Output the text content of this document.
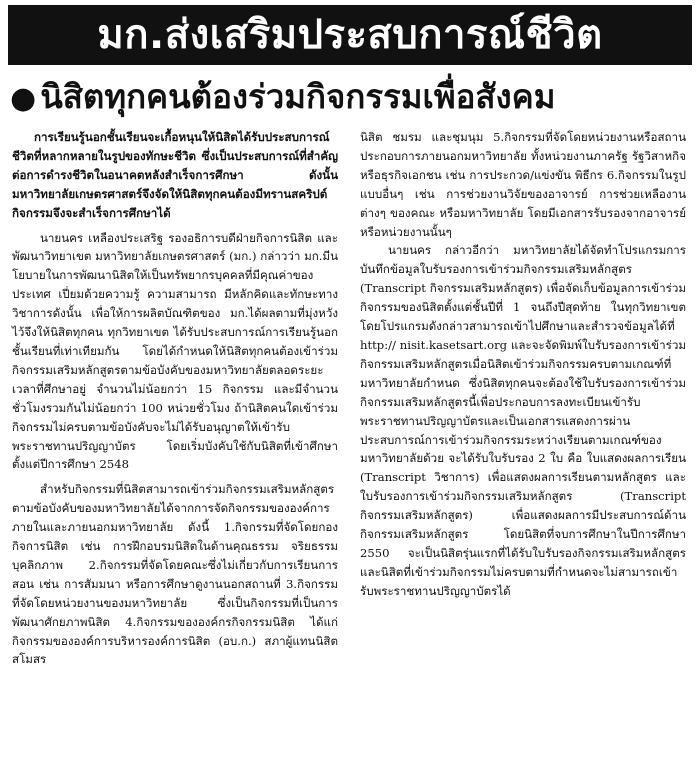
มก.ส่งเสริมประสบการณ์ชีวิต
● นิสิตทุกคนต้องร่วมกิจกรรมเพื่อสังคม

การเรียนรู้นอกชั้นเรียนจะเกื้อหนุนให้นิสิตได้รับประสบการณ์ชีวิตที่หลากหลายในรูปของทักษะชีวิต ซึ่งเป็นประสบการณ์ที่สำคัญต่อการดำรงชีวิตในอนาคตหลังสำเร็จการศึกษา ดังนั้นมหาวิทยาลัยเกษตรศาสตร์จึงจัดให้นิสิตทุกคนต้องมีทรานสคริปต์กิจกรรมจึงจะสำเร็จการศึกษาได้

นายนคร เหลืองประเสริฐ รองอธิการบดีฝ่ายกิจการนิสิต และพัฒนาวิทยาเขต มหาวิทยาลัยเกษตรศาสตร์ (มก.) กล่าวว่า มก.มีนโยบายในการพัฒนานิสิตให้เป็นทรัพยากรบุคคลที่มีคุณค่าของประเทศ เปี่ยมด้วยความรู้ ความสามารถ มีหลักคิดและทักษะทางวิชาการดังนั้น เพื่อให้การผลิตบัณฑิตของ มก.ได้ผลตามที่มุ่งหวังไว้จึงให้นิสิตทุกคน ทุกวิทยาเขต ได้รับประสบการณ์การเรียนรู้นอกชั้นเรียนที่เท่าเทียมกัน โดยได้กำหนดให้นิสิตทุกคนต้องเข้าร่วมกิจกรรมเสริมหลักสูตรตามข้อบังคับของมหาวิทยาลัยตลอดระยะเวลาที่ศึกษาอยู่ จำนวนไม่น้อยกว่า 15 กิจกรรม และมีจำนวนชั่วโมงรวมกันไม่น้อยกว่า 100 หน่วยชั่วโมง ถ้านิสิตคนใดเข้าร่วมกิจกรรมไม่ครบตามข้อบังคับจะไม่ได้รับอนุญาตให้เข้ารับพระราชทานปริญญาบัตร โดยเริ่มบังคับใช้กับนิสิตที่เข้าศึกษาตั้งแต่ปีการศึกษา 2548

สำหรับกิจกรรมที่นิสิตสามารถเข้าร่วมกิจกรรมเสริมหลักสูตรตามข้อบังคับของมหาวิทยาลัยได้จากการจัดกิจกรรมขององค์การภายในและภายนอกมหาวิทยาลัย ดังนี้ 1.กิจกรรมที่จัดโดยกองกิจการนิสิต เช่น การฝึกอบรมนิสิตในด้านคุณธรรม จริยธรรม บุคลิกภาพ 2.กิจกรรมที่จัดโดยคณะซึ่งไม่เกี่ยวกับการเรียนการสอน เช่น การสัมมนา หรือการศึกษาดูงานนอกสถานที่ 3.กิจกรรมที่จัดโดยหน่วยงานของมหาวิทยาลัย ซึ่งเป็นกิจกรรมที่เป็นการพัฒนาศักยภาพนิสิต 4.กิจกรรมขององค์กรกิจกรรมนิสิต ได้แก่ กิจกรรมขององค์การบริหารองค์การนิสิต (อบ.ก.) สภาผู้แทนนิสิต สโมสร

นิสิต ชมรม และชุมนุม 5.กิจกรรมที่จัดโดยหน่วยงานหรือสถานประกอบการภายนอกมหาวิทยาลัย ทั้งหน่วยงานภาครัฐ รัฐวิสาหกิจ หรือธุรกิจเอกชน เช่น การประกวด/แข่งขัน พิธีกร 6.กิจกรรมในรูปแบบอื่นๆ เช่น การช่วยงานวิจัยของอาจารย์ การช่วยเหลืองานต่างๆ ของคณะ หรือมหาวิทยาลัย โดยมีเอกสารรับรองจากอาจารย์หรือหน่วยงานนั้นๆ

นายนคร กล่าวอีกว่า มหาวิทยาลัยได้จัดทำโปรแกรมการบันทึกข้อมูลใบรับรองการเข้าร่วมกิจกรรมเสริมหลักสูตร (Transcript กิจกรรมเสริมหลักสูตร) เพื่อจัดเก็บข้อมูลการเข้าร่วมกิจกรรมของนิสิตตั้งแต่ชั้นปีที่ 1 จนถึงปีสุดท้าย ในทุกวิทยาเขต โดยโปรแกรมดังกล่าวสามารถเข้าไปศึกษาและสำรวจข้อมูลได้ที่ http:// nisit.kasetsart.org และจะจัดพิมพ์ใบรับรองการเข้าร่วมกิจกรรมเสริมหลักสูตรเมื่อนิสิตเข้าร่วมกิจกรรมครบตามเกณฑ์ที่มหาวิทยาลัยกำหนด ซึ่งนิสิตทุกคนจะต้องใช้ใบรับรองการเข้าร่วมกิจกรรมเสริมหลักสูตรนี้เพื่อประกอบการลงทะเบียนเข้ารับพระราชทานปริญญาบัตรและเป็นเอกสารแสดงการผ่านประสบการณ์การเข้าร่วมกิจกรรมระหว่างเรียนตามเกณฑ์ของมหาวิทยาลัยด้วย จะได้รับใบรับรอง 2 ใบ คือ ใบแสดงผลการเรียน (Transcript วิชาการ) เพื่อแสดงผลการเรียนตามหลักสูตร และใบรับรองการเข้าร่วมกิจกรรมเสริมหลักสูตร (Transcript กิจกรรมเสริมหลักสูตร) เพื่อแสดงผลการมีประสบการณ์ด้านกิจกรรมเสริมหลักสูตร โดยนิสิตที่จบการศึกษาในปีการศึกษา 2550 จะเป็นนิสิตรุ่นแรกที่ได้รับใบรับรองกิจกรรมเสริมหลักสูตร และนิสิตที่เข้าร่วมกิจกรรมไม่ครบตามที่กำหนดจะไม่สามารถเข้ารับพระราชทานปริญญาบัตรได้
